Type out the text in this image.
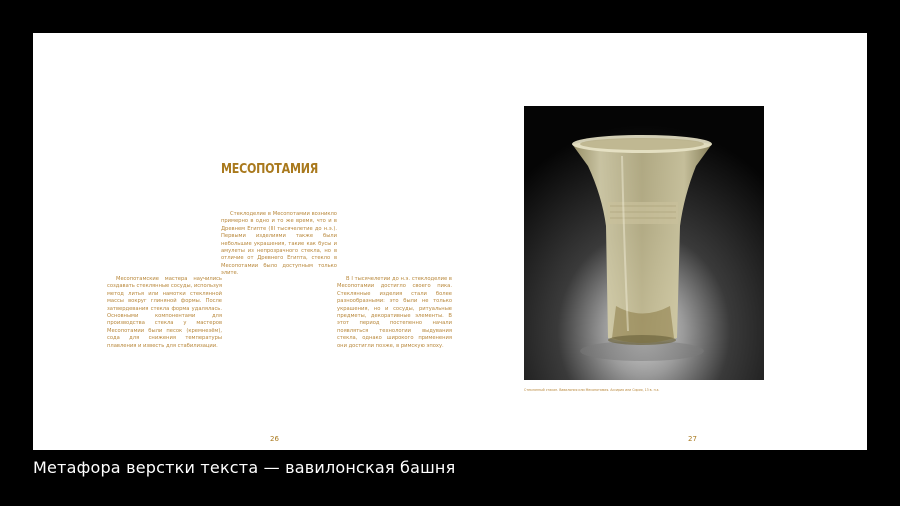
МЕСОПОТАМИЯ
Стеклоделие в Месопотамии возникло примерно в одно и то же время, что и в Древнем Египте (III тысячелетие до н.э.). Первыми изделиями также были небольшие украшения, такие как бусы и амулеты из непрозрачного стекла, но в отличие от Древнего Египта, стекло в Месопотамии было доступным только элите.
Месопотамские мастера научились создавать стеклянные сосуды, используя метод литья или намотки стеклянной массы вокруг глиняной формы. После затвердевания стекла форма удалялась. Основными компонентами для производства стекла у мастеров Месопотамии были песок (кремнезём), сода для снижения температуры плавления и известь для стабилизации.
В I тысячелетии до н.э. стеклоделие в Месопотамии достигло своего пика. Стеклянные изделия стали более разнообразными: это были не только украшения, но и сосуды, ритуальные предметы, декоративные элементы. В этот период постепенно начали появляться технологии выдувания стекла, однако широкого применения они достигли позже, в римскую эпоху.
26	27
Стеклянный стакан. Вавилония или Месопотамия. Ассирия или Сирия, 13 в. н.э.
Метафора верстки текста — вавилонская башня
